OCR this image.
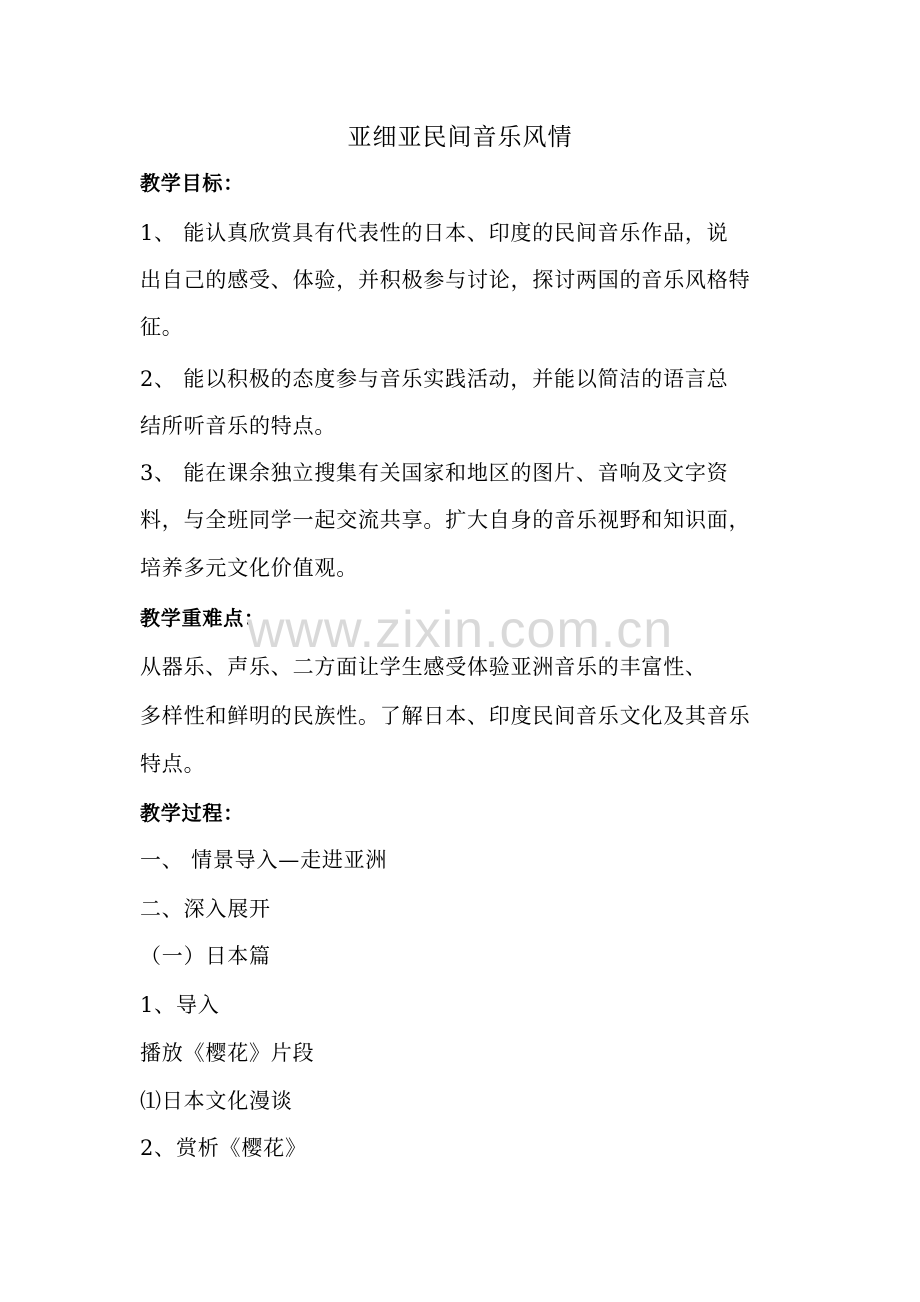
亚细亚民间音乐风情
教学目标：
1、 能认真欣赏具有代表性的日本、印度的民间音乐作品，说
出自己的感受、体验，并积极参与讨论，探讨两国的音乐风格特
征。
2、 能以积极的态度参与音乐实践活动，并能以简洁的语言总
结所听音乐的特点。
3、 能在课余独立搜集有关国家和地区的图片、音响及文字资
料，与全班同学一起交流共享。扩大自身的音乐视野和知识面，
培养多元文化价值观。
教学重难点：
从器乐、声乐、二方面让学生感受体验亚洲音乐的丰富性、
多样性和鲜明的民族性。了解日本、印度民间音乐文化及其音乐
特点。
教学过程：
一、 情景导入—走进亚洲
二、深入展开
（一）日本篇
1、导入
播放《樱花》片段
⑴日本文化漫谈
2、赏析《樱花》
www.zixin.com.cn
